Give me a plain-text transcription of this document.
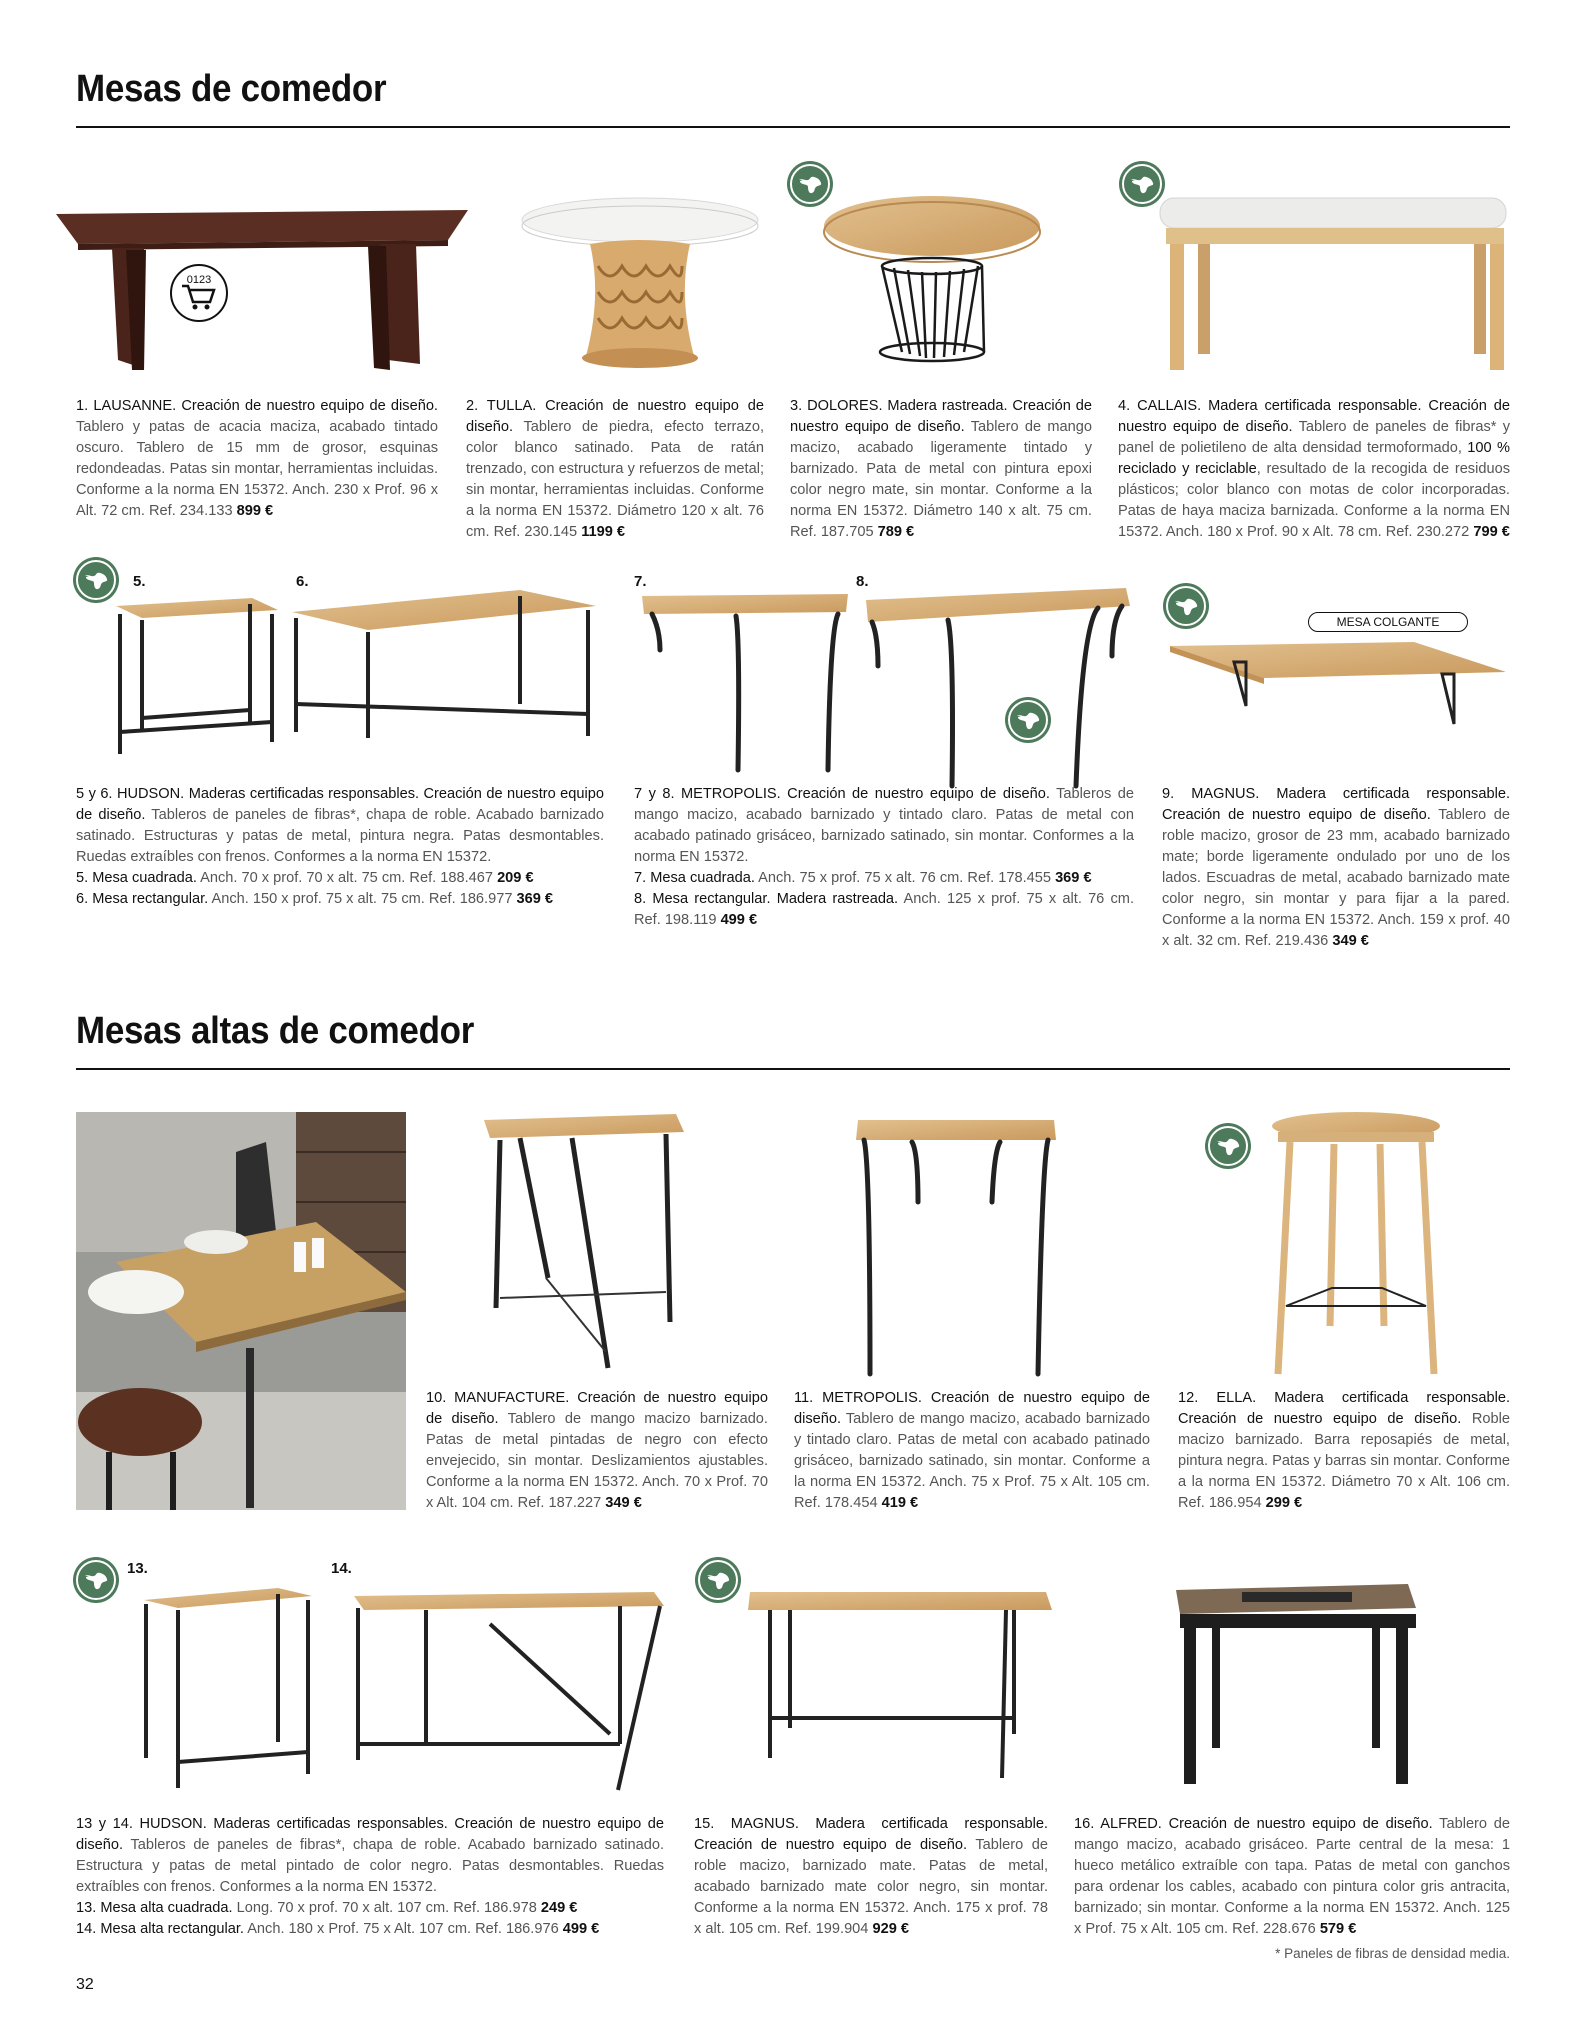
Mesas de comedor
0123
1. LAUSANNE. Creación de nuestro equipo de diseño. Tablero y patas de acacia maciza, acabado tintado oscuro. Tablero de 15 mm de grosor, esquinas redondeadas. Patas sin montar, herramientas incluidas. Conforme a la norma EN 15372. Anch. 230 x Prof. 96 x Alt. 72 cm. Ref. 234.133 899 €
2. TULLA. Creación de nuestro equipo de diseño. Tablero de piedra, efecto terrazo, color blanco satinado. Pata de ratán trenzado, con estructura y refuerzos de metal; sin montar, herramientas incluidas. Conforme a la norma EN 15372. Diámetro 120 x alt. 76 cm. Ref. 230.145 1199 €
3. DOLORES. Madera rastreada. Creación de nuestro equipo de diseño. Tablero de mango macizo, acabado ligeramente tintado y barnizado. Pata de metal con pintura epoxi color negro mate, sin montar. Conforme a la norma EN 15372. Diámetro 140 x alt. 75 cm. Ref. 187.705 789 €
4. CALLAIS. Madera certificada responsable. Creación de nuestro equipo de diseño. Tablero de paneles de fibras* y panel de polietileno de alta densidad termoformado, 100 % reciclado y reciclable, resultado de la recogida de residuos plásticos; color blanco con motas de color incorporadas. Patas de haya maciza barnizada. Conforme a la norma EN 15372. Anch. 180 x Prof. 90 x Alt. 78 cm. Ref. 230.272 799 €
5.	6.	7.	8.
MESA COLGANTE
5 y 6. HUDSON. Maderas certificadas responsables. Creación de nuestro equipo de diseño. Tableros de paneles de fibras*, chapa de roble. Acabado barnizado satinado. Estructuras y patas de metal, pintura negra. Patas desmontables. Ruedas extraíbles con frenos. Conformes a la norma EN 15372.
5. Mesa cuadrada. Anch. 70 x prof. 70 x alt. 75 cm. Ref. 188.467 209 €
6. Mesa rectangular. Anch. 150 x prof. 75 x alt. 75 cm. Ref. 186.977 369 €
7 y 8. METROPOLIS. Creación de nuestro equipo de diseño. Tableros de mango macizo, acabado barnizado y tintado claro. Patas de metal con acabado patinado grisáceo, barnizado satinado, sin montar. Conformes a la norma EN 15372.
7. Mesa cuadrada. Anch. 75 x prof. 75 x alt. 76 cm. Ref. 178.455 369 €
8. Mesa rectangular. Madera rastreada. Anch. 125 x prof. 75 x alt. 76 cm. Ref. 198.119 499 €
9. MAGNUS. Madera certificada responsable. Creación de nuestro equipo de diseño. Tablero de roble macizo, grosor de 23 mm, acabado barnizado mate; borde ligeramente ondulado por uno de los lados. Escuadras de metal, acabado barnizado mate color negro, sin montar y para fijar a la pared. Conforme a la norma EN 15372. Anch. 159 x prof. 40 x alt. 32 cm. Ref. 219.436 349 €
Mesas altas de comedor
10. MANUFACTURE. Creación de nuestro equipo de diseño. Tablero de mango macizo barnizado. Patas de metal pintadas de negro con efecto envejecido, sin montar. Deslizamientos ajustables. Conforme a la norma EN 15372. Anch. 70 x Prof. 70 x Alt. 104 cm. Ref. 187.227 349 €
11. METROPOLIS. Creación de nuestro equipo de diseño. Tablero de mango macizo, acabado barnizado y tintado claro. Patas de metal con acabado patinado grisáceo, barnizado satinado, sin montar. Conforme a la norma EN 15372. Anch. 75 x Prof. 75 x Alt. 105 cm. Ref. 178.454 419 €
12. ELLA. Madera certificada responsable. Creación de nuestro equipo de diseño. Roble macizo barnizado. Barra reposapiés de metal, pintura negra. Patas y barras sin montar. Conforme a la norma EN 15372. Diámetro 70 x Alt. 106 cm. Ref. 186.954 299 €
13.	14.
13 y 14. HUDSON. Maderas certificadas responsables. Creación de nuestro equipo de diseño. Tableros de paneles de fibras*, chapa de roble. Acabado barnizado satinado. Estructura y patas de metal pintado de color negro. Patas desmontables. Ruedas extraíbles con frenos. Conformes a la norma EN 15372.
13. Mesa alta cuadrada. Long. 70 x prof. 70 x alt. 107 cm. Ref. 186.978 249 €
14. Mesa alta rectangular. Anch. 180 x Prof. 75 x Alt. 107 cm. Ref. 186.976 499 €
15. MAGNUS. Madera certificada responsable. Creación de nuestro equipo de diseño. Tablero de roble macizo, barnizado mate. Patas de metal, acabado barnizado mate color negro, sin montar. Conforme a la norma EN 15372. Anch. 175 x prof. 78 x alt. 105 cm. Ref. 199.904 929 €
16. ALFRED. Creación de nuestro equipo de diseño. Tablero de mango macizo, acabado grisáceo. Parte central de la mesa: 1 hueco metálico extraíble con tapa. Patas de metal con ganchos para ordenar los cables, acabado con pintura color gris antracita, barnizado; sin montar. Conforme a la norma EN 15372. Anch. 125 x Prof. 75 x Alt. 105 cm. Ref. 228.676 579 €
* Paneles de fibras de densidad media.
32
